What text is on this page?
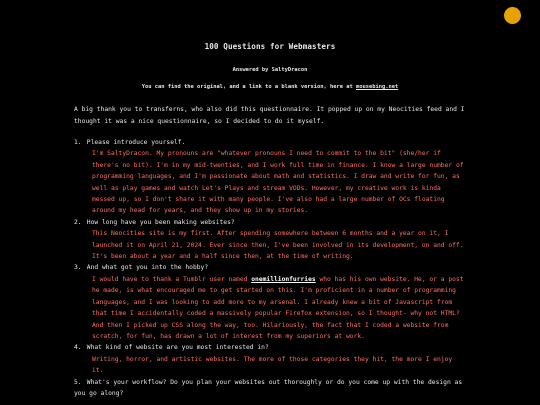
100 Questions for Webmasters
Answered by SaltyDracon
You can find the original, and a link to a blank version, here at mousebing.net

A big thank you to transferns, who also did this questionnaire. It popped up on my Neocities feed and I thought it was a nice questionnaire, so I decided to do it myself.

1. Please introduce yourself.
I'm SaltyDracon. My pronouns are "whatever pronouns I need to commit to the bit" (she/her if there's no bit). I'm in my mid-twenties, and I work full time in finance. I know a large number of programming languages, and I'm passionate about math and statistics. I draw and write for fun, as well as play games and watch Let's Plays and stream VODs. However, my creative work is kinda messed up, so I don't share it with many people. I've also had a large number of OCs floating around my head for years, and they show up in my stories.
2. How long have you been making websites?
This Neocities site is my first. After spending somewhere between 6 months and a year on it, I launched it on April 21, 2024. Ever since then, I've been involved in its development, on and off. It's been about a year and a half since then, at the time of writing.
3. And what got you into the hobby?
I would have to thank a Tumblr user named onemillionfurries who has his own website. He, or a post he made, is what encouraged me to get started on this. I'm proficient in a number of programming languages, and I was looking to add more to my arsenal. I already knew a bit of Javascript from that time I accidentally coded a massively popular Firefox extension, so I thought- why not HTML? And then I picked up CSS along the way, too. Hilariously, the fact that I coded a website from scratch, for fun, has drawn a lot of interest from my superiors at work.
4. What kind of website are you most interested in?
Writing, horror, and artistic websites. The more of those categories they hit, the more I enjoy it.
5. What's your workflow? Do you plan your websites out thoroughly or do you come up with the design as you go along?
